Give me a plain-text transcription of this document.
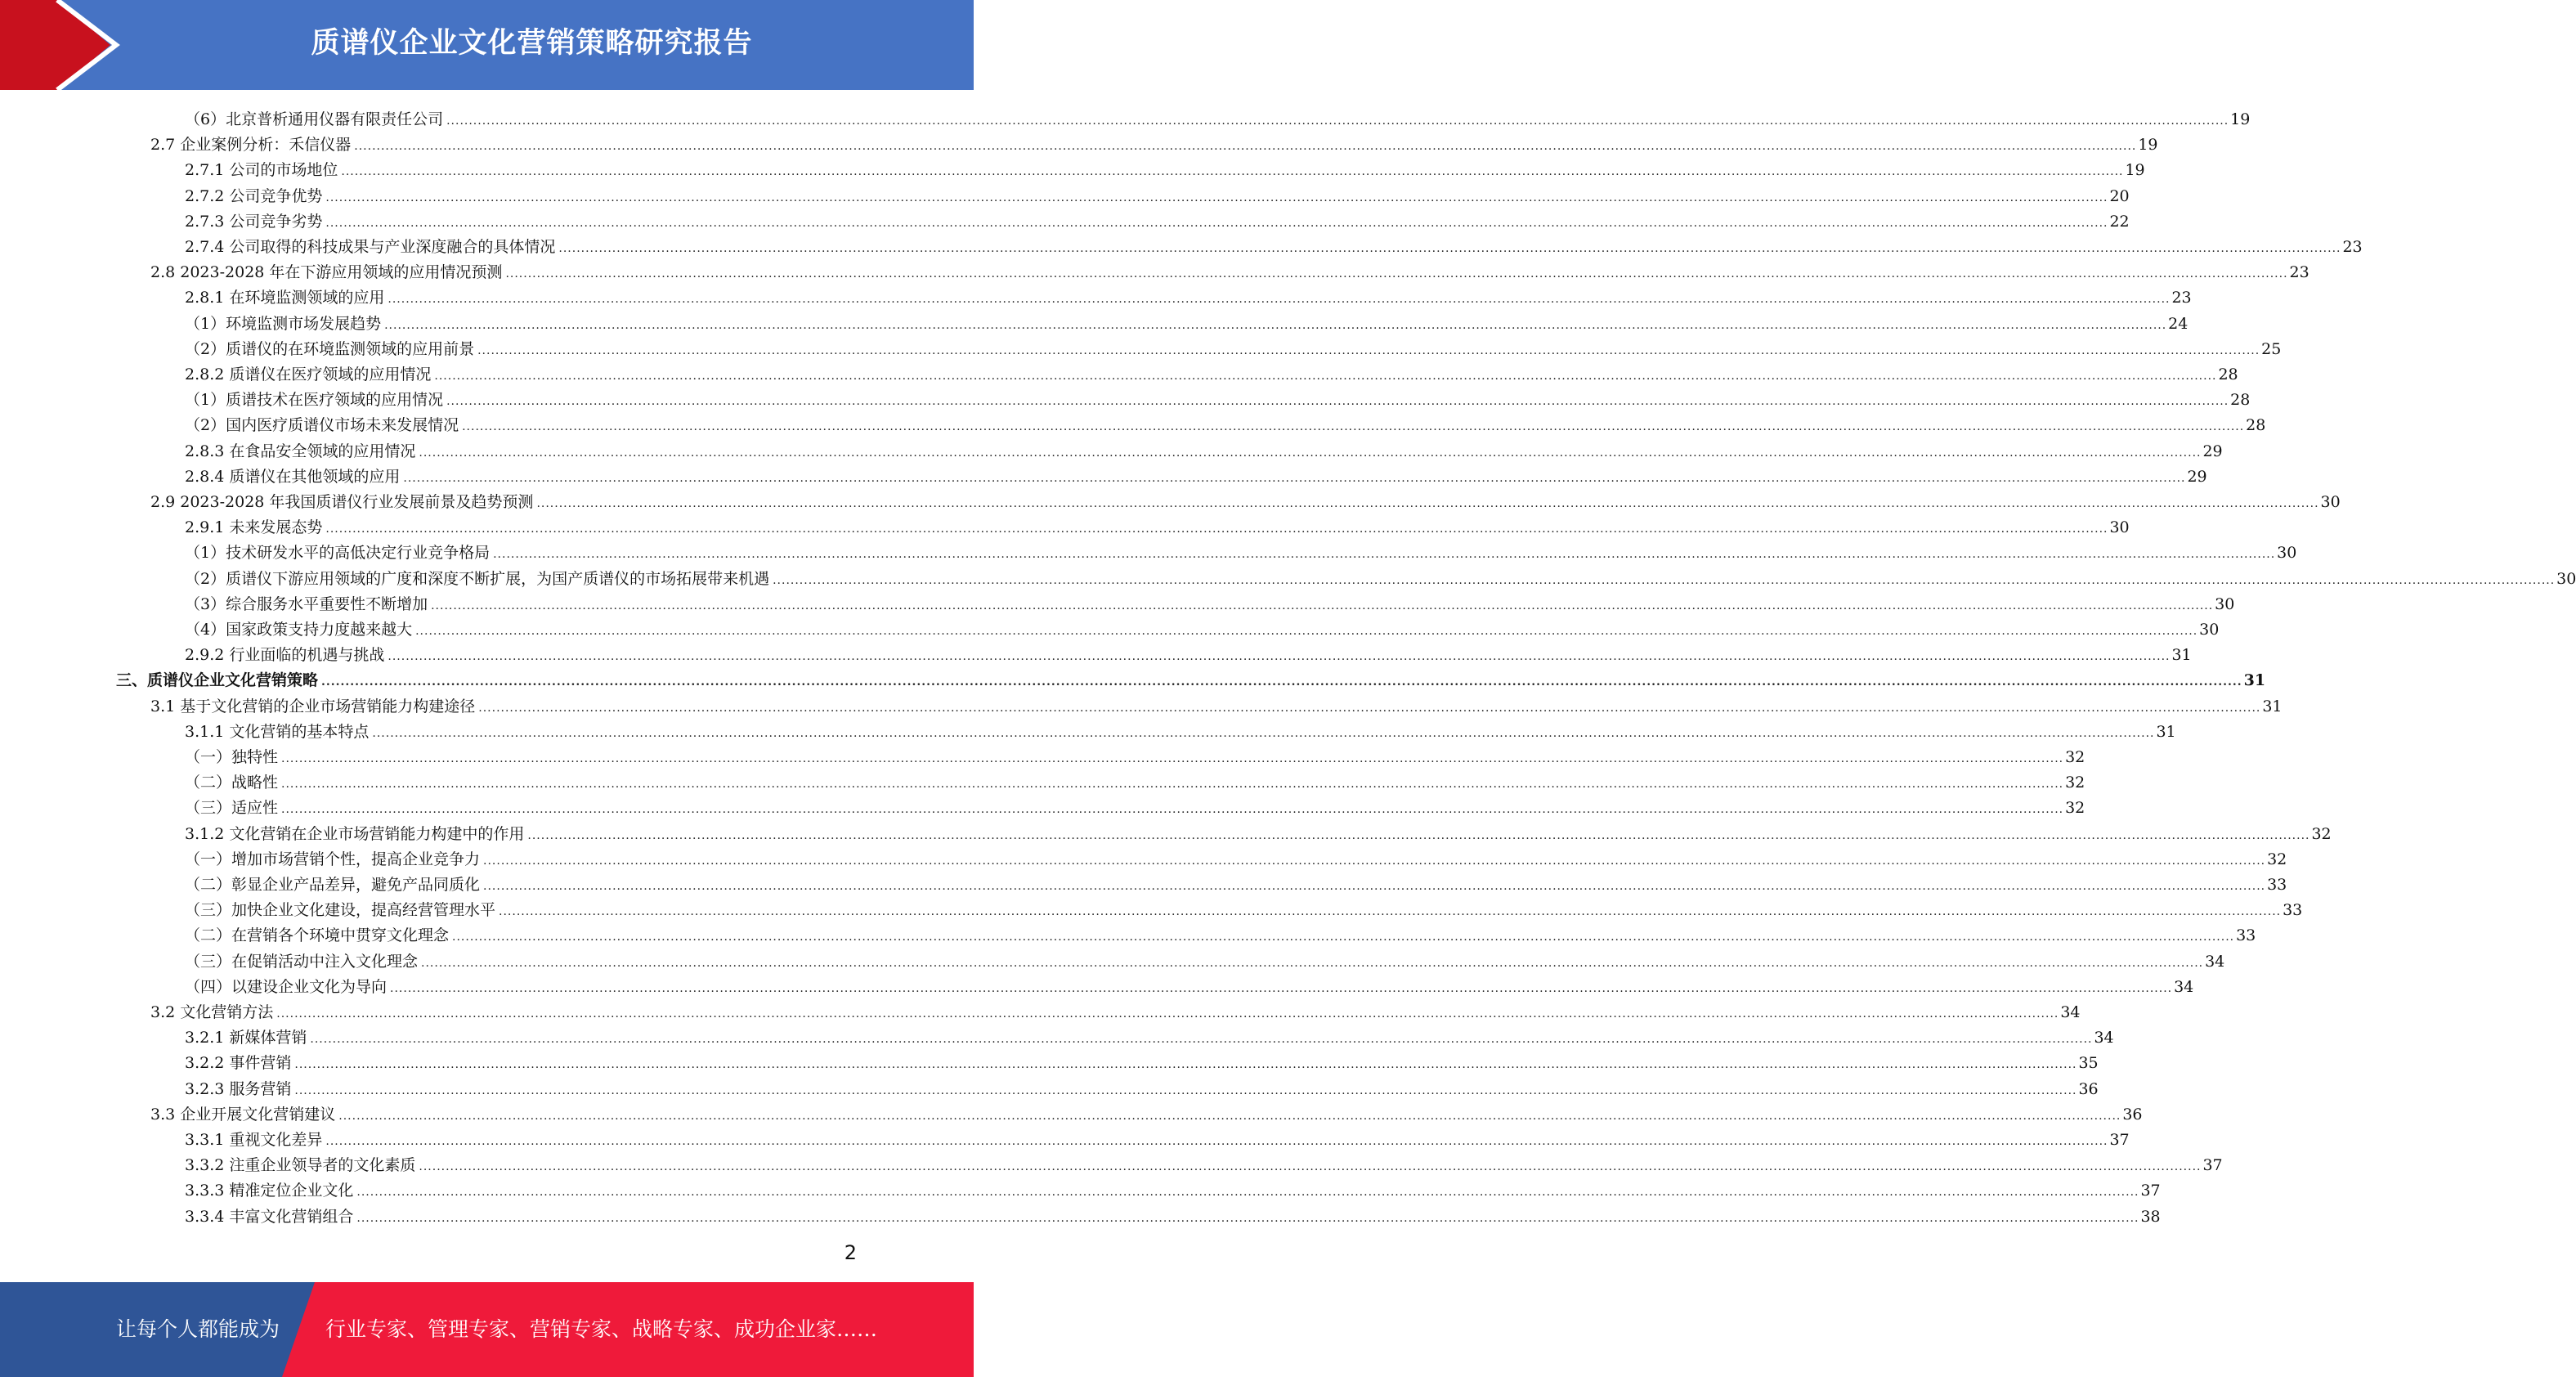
质谱仪企业文化营销策略研究报告
（6）北京普析通用仪器有限责任公司 ................................................................................................................................................................................................................................................................................................................................................................................................................ 19
2.7 企业案例分析：禾信仪器 ................................................................................................................................................................................................................................................................................................................................................................................................................ 19
2.7.1 公司的市场地位 ................................................................................................................................................................................................................................................................................................................................................................................................................ 19
2.7.2 公司竞争优势 ................................................................................................................................................................................................................................................................................................................................................................................................................ 20
2.7.3 公司竞争劣势 ................................................................................................................................................................................................................................................................................................................................................................................................................ 22
2.7.4 公司取得的科技成果与产业深度融合的具体情况 ................................................................................................................................................................................................................................................................................................................................................................................................................ 23
2.8 2023-2028 年在下游应用领域的应用情况预测 ................................................................................................................................................................................................................................................................................................................................................................................................................ 23
2.8.1 在环境监测领域的应用 ................................................................................................................................................................................................................................................................................................................................................................................................................ 23
（1）环境监测市场发展趋势 ................................................................................................................................................................................................................................................................................................................................................................................................................ 24
（2）质谱仪的在环境监测领域的应用前景 ................................................................................................................................................................................................................................................................................................................................................................................................................ 25
2.8.2 质谱仪在医疗领域的应用情况 ................................................................................................................................................................................................................................................................................................................................................................................................................ 28
（1）质谱技术在医疗领域的应用情况 ................................................................................................................................................................................................................................................................................................................................................................................................................ 28
（2）国内医疗质谱仪市场未来发展情况 ................................................................................................................................................................................................................................................................................................................................................................................................................ 28
2.8.3 在食品安全领域的应用情况 ................................................................................................................................................................................................................................................................................................................................................................................................................ 29
2.8.4 质谱仪在其他领域的应用 ................................................................................................................................................................................................................................................................................................................................................................................................................ 29
2.9 2023-2028 年我国质谱仪行业发展前景及趋势预测 ................................................................................................................................................................................................................................................................................................................................................................................................................ 30
2.9.1 未来发展态势 ................................................................................................................................................................................................................................................................................................................................................................................................................ 30
（1）技术研发水平的高低决定行业竞争格局 ................................................................................................................................................................................................................................................................................................................................................................................................................ 30
（2）质谱仪下游应用领域的广度和深度不断扩展，为国产质谱仪的市场拓展带来机遇 ................................................................................................................................................................................................................................................................................................................................................................................................................ 30
（3）综合服务水平重要性不断增加 ................................................................................................................................................................................................................................................................................................................................................................................................................ 30
（4）国家政策支持力度越来越大 ................................................................................................................................................................................................................................................................................................................................................................................................................ 30
2.9.2 行业面临的机遇与挑战 ................................................................................................................................................................................................................................................................................................................................................................................................................ 31
三、质谱仪企业文化营销策略 ................................................................................................................................................................................................................................................................................................................................................................................................................ 31
3.1 基于文化营销的企业市场营销能力构建途径 ................................................................................................................................................................................................................................................................................................................................................................................................................ 31
3.1.1 文化营销的基本特点 ................................................................................................................................................................................................................................................................................................................................................................................................................ 31
（一）独特性 ................................................................................................................................................................................................................................................................................................................................................................................................................ 32
（二）战略性 ................................................................................................................................................................................................................................................................................................................................................................................................................ 32
（三）适应性 ................................................................................................................................................................................................................................................................................................................................................................................................................ 32
3.1.2 文化营销在企业市场营销能力构建中的作用 ................................................................................................................................................................................................................................................................................................................................................................................................................ 32
（一）增加市场营销个性，提高企业竞争力 ................................................................................................................................................................................................................................................................................................................................................................................................................ 32
（二）彰显企业产品差异，避免产品同质化 ................................................................................................................................................................................................................................................................................................................................................................................................................ 33
（三）加快企业文化建设，提高经营管理水平 ................................................................................................................................................................................................................................................................................................................................................................................................................ 33
（二）在营销各个环境中贯穿文化理念 ................................................................................................................................................................................................................................................................................................................................................................................................................ 33
（三）在促销活动中注入文化理念 ................................................................................................................................................................................................................................................................................................................................................................................................................ 34
（四）以建设企业文化为导向 ................................................................................................................................................................................................................................................................................................................................................................................................................ 34
3.2 文化营销方法 ................................................................................................................................................................................................................................................................................................................................................................................................................ 34
3.2.1 新媒体营销 ................................................................................................................................................................................................................................................................................................................................................................................................................ 34
3.2.2 事件营销 ................................................................................................................................................................................................................................................................................................................................................................................................................ 35
3.2.3 服务营销 ................................................................................................................................................................................................................................................................................................................................................................................................................ 36
3.3 企业开展文化营销建议 ................................................................................................................................................................................................................................................................................................................................................................................................................ 36
3.3.1 重视文化差异 ................................................................................................................................................................................................................................................................................................................................................................................................................ 37
3.3.2 注重企业领导者的文化素质 ................................................................................................................................................................................................................................................................................................................................................................................................................ 37
3.3.3 精准定位企业文化 ................................................................................................................................................................................................................................................................................................................................................................................................................ 37
3.3.4 丰富文化营销组合 ................................................................................................................................................................................................................................................................................................................................................................................................................ 38
2
让每个人都能成为 行业专家、管理专家、营销专家、战略专家、成功企业家……
